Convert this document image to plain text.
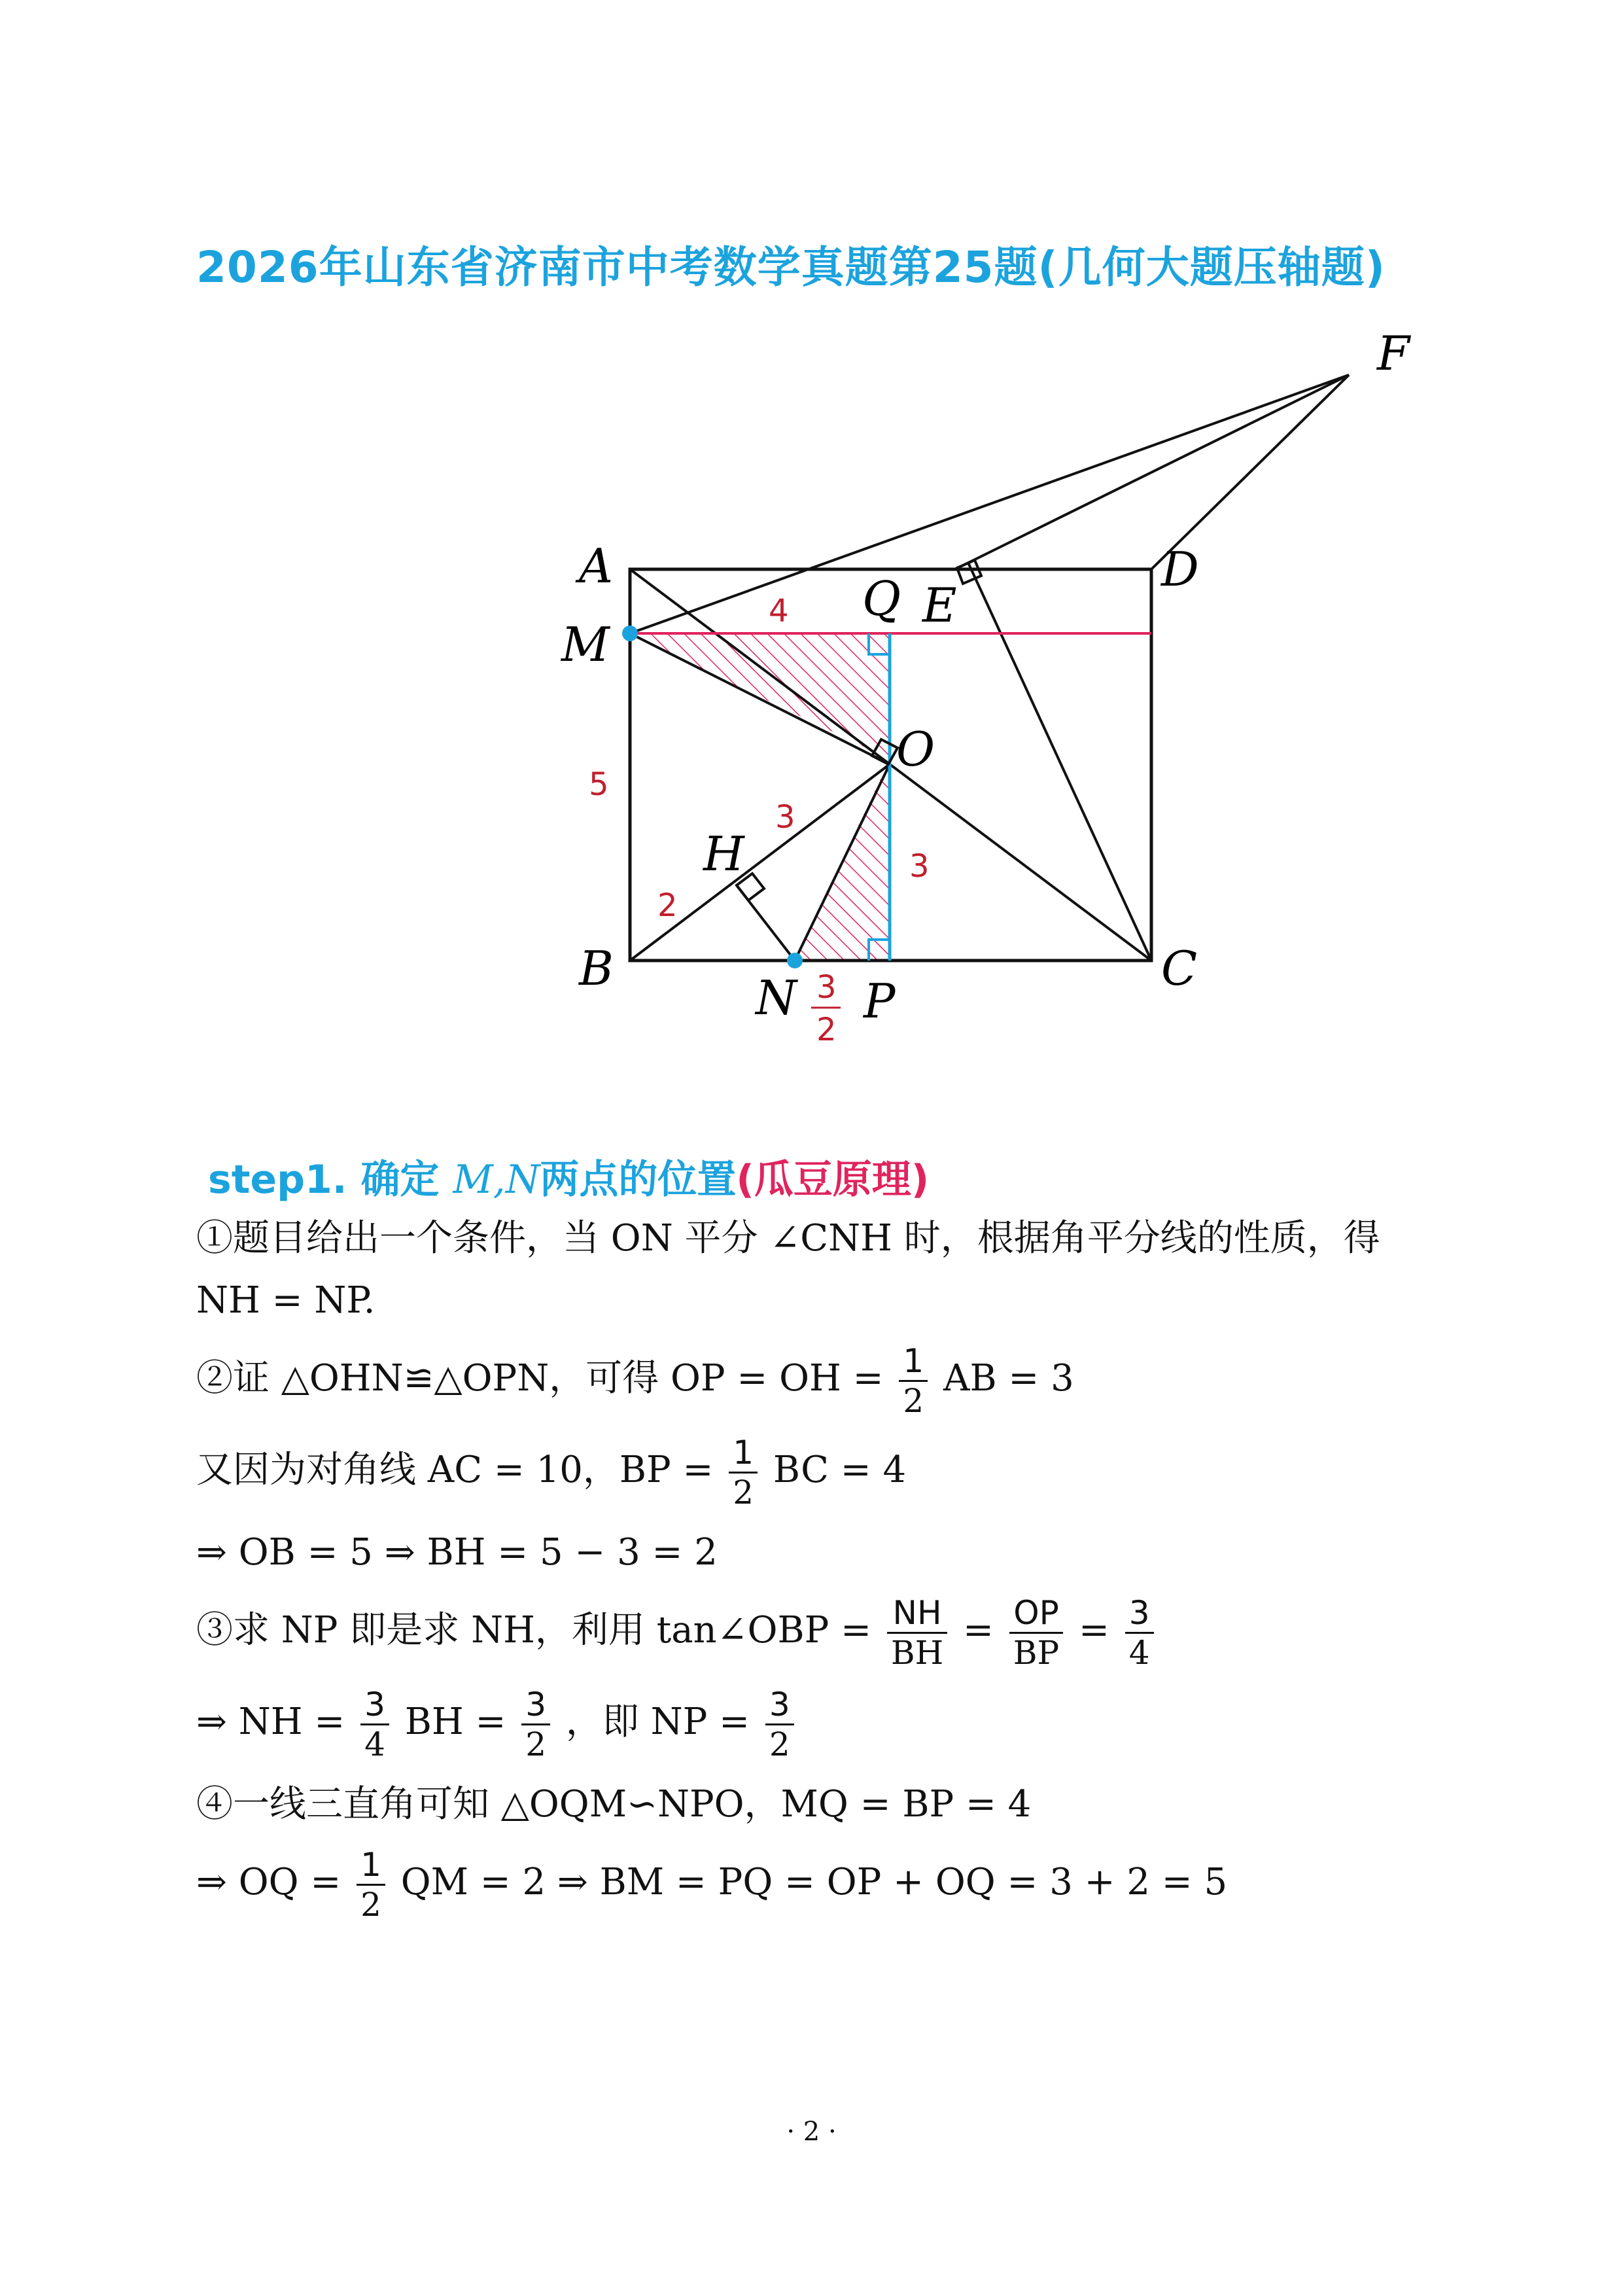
2026年山东省济南市中考数学真题第25题(几何大题压轴题)
A
B	C
D
E
F
M
N
O
P
Q
H
4
5
3
3
2
3
2
step1. 确定 M,N两点的位置(瓜豆原理)
①题目给出一个条件，当 ON 平分 ∠CNH 时，根据角平分线的性质，得
NH = NP.
②证 △OHN≌△OPN，可得 OP = OH = $\frac{1}{2}$ AB = 3
又因为对角线 AC = 10，BP = $\frac{1}{2}$ BC = 4
⇒ OB = 5 ⇒ BH = 5 − 3 = 2
③求 NP 即是求 NH，利用 tan∠OBP = $\frac{NH}{BH} = \frac{OP}{BP} = \frac{3}{4}$
⇒ NH = $\frac{3}{4}$ BH = $\frac{3}{2}$ ，即 NP = $\frac{3}{2}$
④一线三直角可知 △OQM∽NPO，MQ = BP = 4
⇒ OQ = $\frac{1}{2}$ QM = 2 ⇒ BM = PQ = OP + OQ = 3 + 2 = 5
· 2 ·
